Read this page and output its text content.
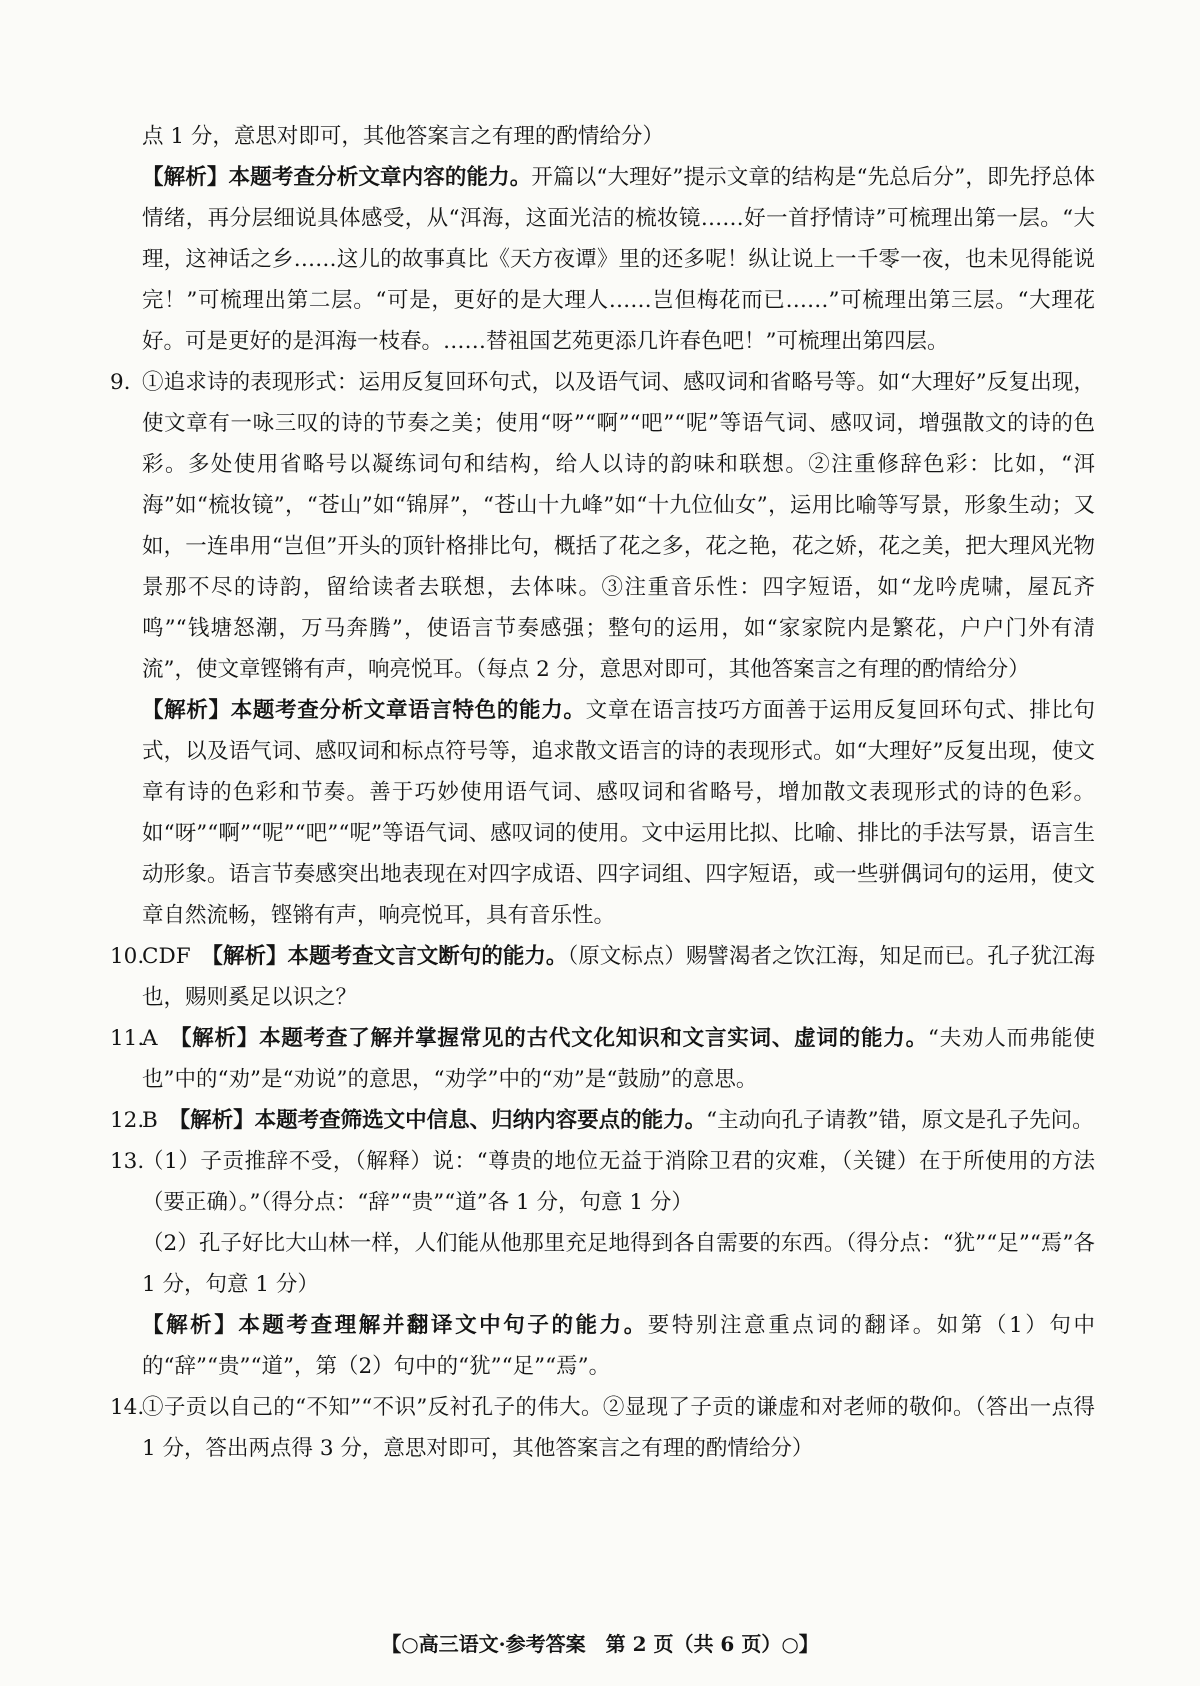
点 1 分，意思对即可，其他答案言之有理的酌情给分）

【解析】本题考查分析文章内容的能力。开篇以“大理好”提示文章的结构是“先总后分”，即先抒总体情绪，再分层细说具体感受，从“洱海，这面光洁的梳妆镜……好一首抒情诗”可梳理出第一层。“大理，这神话之乡……这儿的故事真比《天方夜谭》里的还多呢！纵让说上一千零一夜，也未见得能说完！”可梳理出第二层。“可是，更好的是大理人……岂但梅花而已……”可梳理出第三层。“大理花好。可是更好的是洱海一枝春。……替祖国艺苑更添几许春色吧！”可梳理出第四层。

9. ①追求诗的表现形式：运用反复回环句式，以及语气词、感叹词和省略号等。如“大理好”反复出现，使文章有一咏三叹的诗的节奏之美；使用“呀”“啊”“吧”“呢”等语气词、感叹词，增强散文的诗的色彩。多处使用省略号以凝练词句和结构，给人以诗的韵味和联想。②注重修辞色彩：比如，“洱海”如“梳妆镜”，“苍山”如“锦屏”，“苍山十九峰”如“十九位仙女”，运用比喻等写景，形象生动；又如，一连串用“岂但”开头的顶针格排比句，概括了花之多，花之艳，花之娇，花之美，把大理风光物景那不尽的诗韵，留给读者去联想，去体味。③注重音乐性：四字短语，如“龙吟虎啸，屋瓦齐鸣”“钱塘怒潮，万马奔腾”，使语言节奏感强；整句的运用，如“家家院内是繁花，户户门外有清流”，使文章铿锵有声，响亮悦耳。（每点 2 分，意思对即可，其他答案言之有理的酌情给分）

【解析】本题考查分析文章语言特色的能力。文章在语言技巧方面善于运用反复回环句式、排比句式，以及语气词、感叹词和标点符号等，追求散文语言的诗的表现形式。如“大理好”反复出现，使文章有诗的色彩和节奏。善于巧妙使用语气词、感叹词和省略号，增加散文表现形式的诗的色彩。如“呀”“啊”“呢”“吧”“呢”等语气词、感叹词的使用。文中运用比拟、比喻、排比的手法写景，语言生动形象。语言节奏感突出地表现在对四字成语、四字词组、四字短语，或一些骈偶词句的运用，使文章自然流畅，铿锵有声，响亮悦耳，具有音乐性。

10.

CDF　 【解析】本题考查文言文断句的能力。（原文标点）赐譬渴者之饮江海，知足而已。孔子犹江海也，赐则奚足以识之？

11.

A　 【解析】本题考查了解并掌握常见的古代文化知识和文言实词、虚词的能力。“夫劝人而弗能使也”中的“劝”是“劝说”的意思，“劝学”中的“劝”是“鼓励”的意思。

12.

B　 【解析】本题考查筛选文中信息、归纳内容要点的能力。“主动向孔子请教”错，原文是孔子先问。

13.

（1）子贡推辞不受，（解释）说：“尊贵的地位无益于消除卫君的灾难，（关键）在于所使用的方法（要正确）。”（得分点：“辞”“贵”“道”各 1 分，句意 1 分）

（2）孔子好比大山林一样，人们能从他那里充足地得到各自需要的东西。（得分点：“犹”“足”“焉”各 1 分，句意 1 分）

【解析】本题考查理解并翻译文中句子的能力。要特别注意重点词的翻译。如第（1）句中的“辞”“贵”“道”，第（2）句中的“犹”“足”“焉”。

14.

①子贡以自己的“不知”“不识”反衬孔子的伟大。②显现了子贡的谦虚和对老师的敬仰。（答出一点得 1 分，答出两点得 3 分，意思对即可，其他答案言之有理的酌情给分）

【○高三语文·参考答案　第 2 页（共 6 页）○】
